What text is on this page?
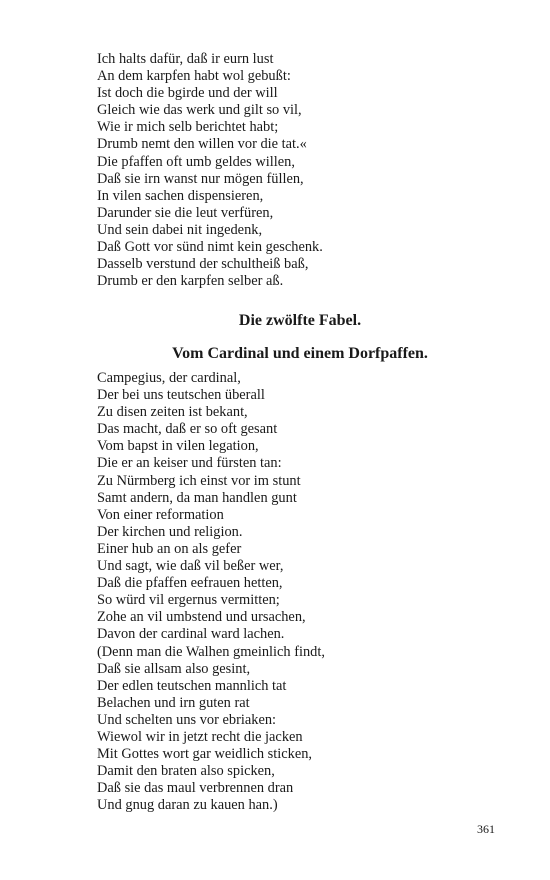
Ich halts dafür, daß ir eurn lust
An dem karpfen habt wol gebußt:
Ist doch die bgirde und der will
Gleich wie das werk und gilt so vil,
Wie ir mich selb berichtet habt;
Drumb nemt den willen vor die tat.«
Die pfaffen oft umb geldes willen,
Daß sie irn wanst nur mögen füllen,
In vilen sachen dispensieren,
Darunder sie die leut verfüren,
Und sein dabei nit ingedenk,
Daß Gott vor sünd nimt kein geschenk.
Dasselb verstund der schultheiß baß,
Drumb er den karpfen selber aß.
Die zwölfte Fabel.
Vom Cardinal und einem Dorfpaffen.
Campegius, der cardinal,
Der bei uns teutschen überall
Zu disen zeiten ist bekant,
Das macht, daß er so oft gesant
Vom bapst in vilen legation,
Die er an keiser und fürsten tan:
Zu Nürmberg ich einst vor im stunt
Samt andern, da man handlen gunt
Von einer reformation
Der kirchen und religion.
Einer hub an on als gefer
Und sagt, wie daß vil beßer wer,
Daß die pfaffen eefrauen hetten,
So würd vil ergernus vermitten;
Zohe an vil umbstend und ursachen,
Davon der cardinal ward lachen.
(Denn man die Walhen gmeinlich findt,
Daß sie allsam also gesint,
Der edlen teutschen mannlich tat
Belachen und irn guten rat
Und schelten uns vor ebriaken:
Wiewol wir in jetzt recht die jacken
Mit Gottes wort gar weidlich sticken,
Damit den braten also spicken,
Daß sie das maul verbrennen dran
Und gnug daran zu kauen han.)

361
